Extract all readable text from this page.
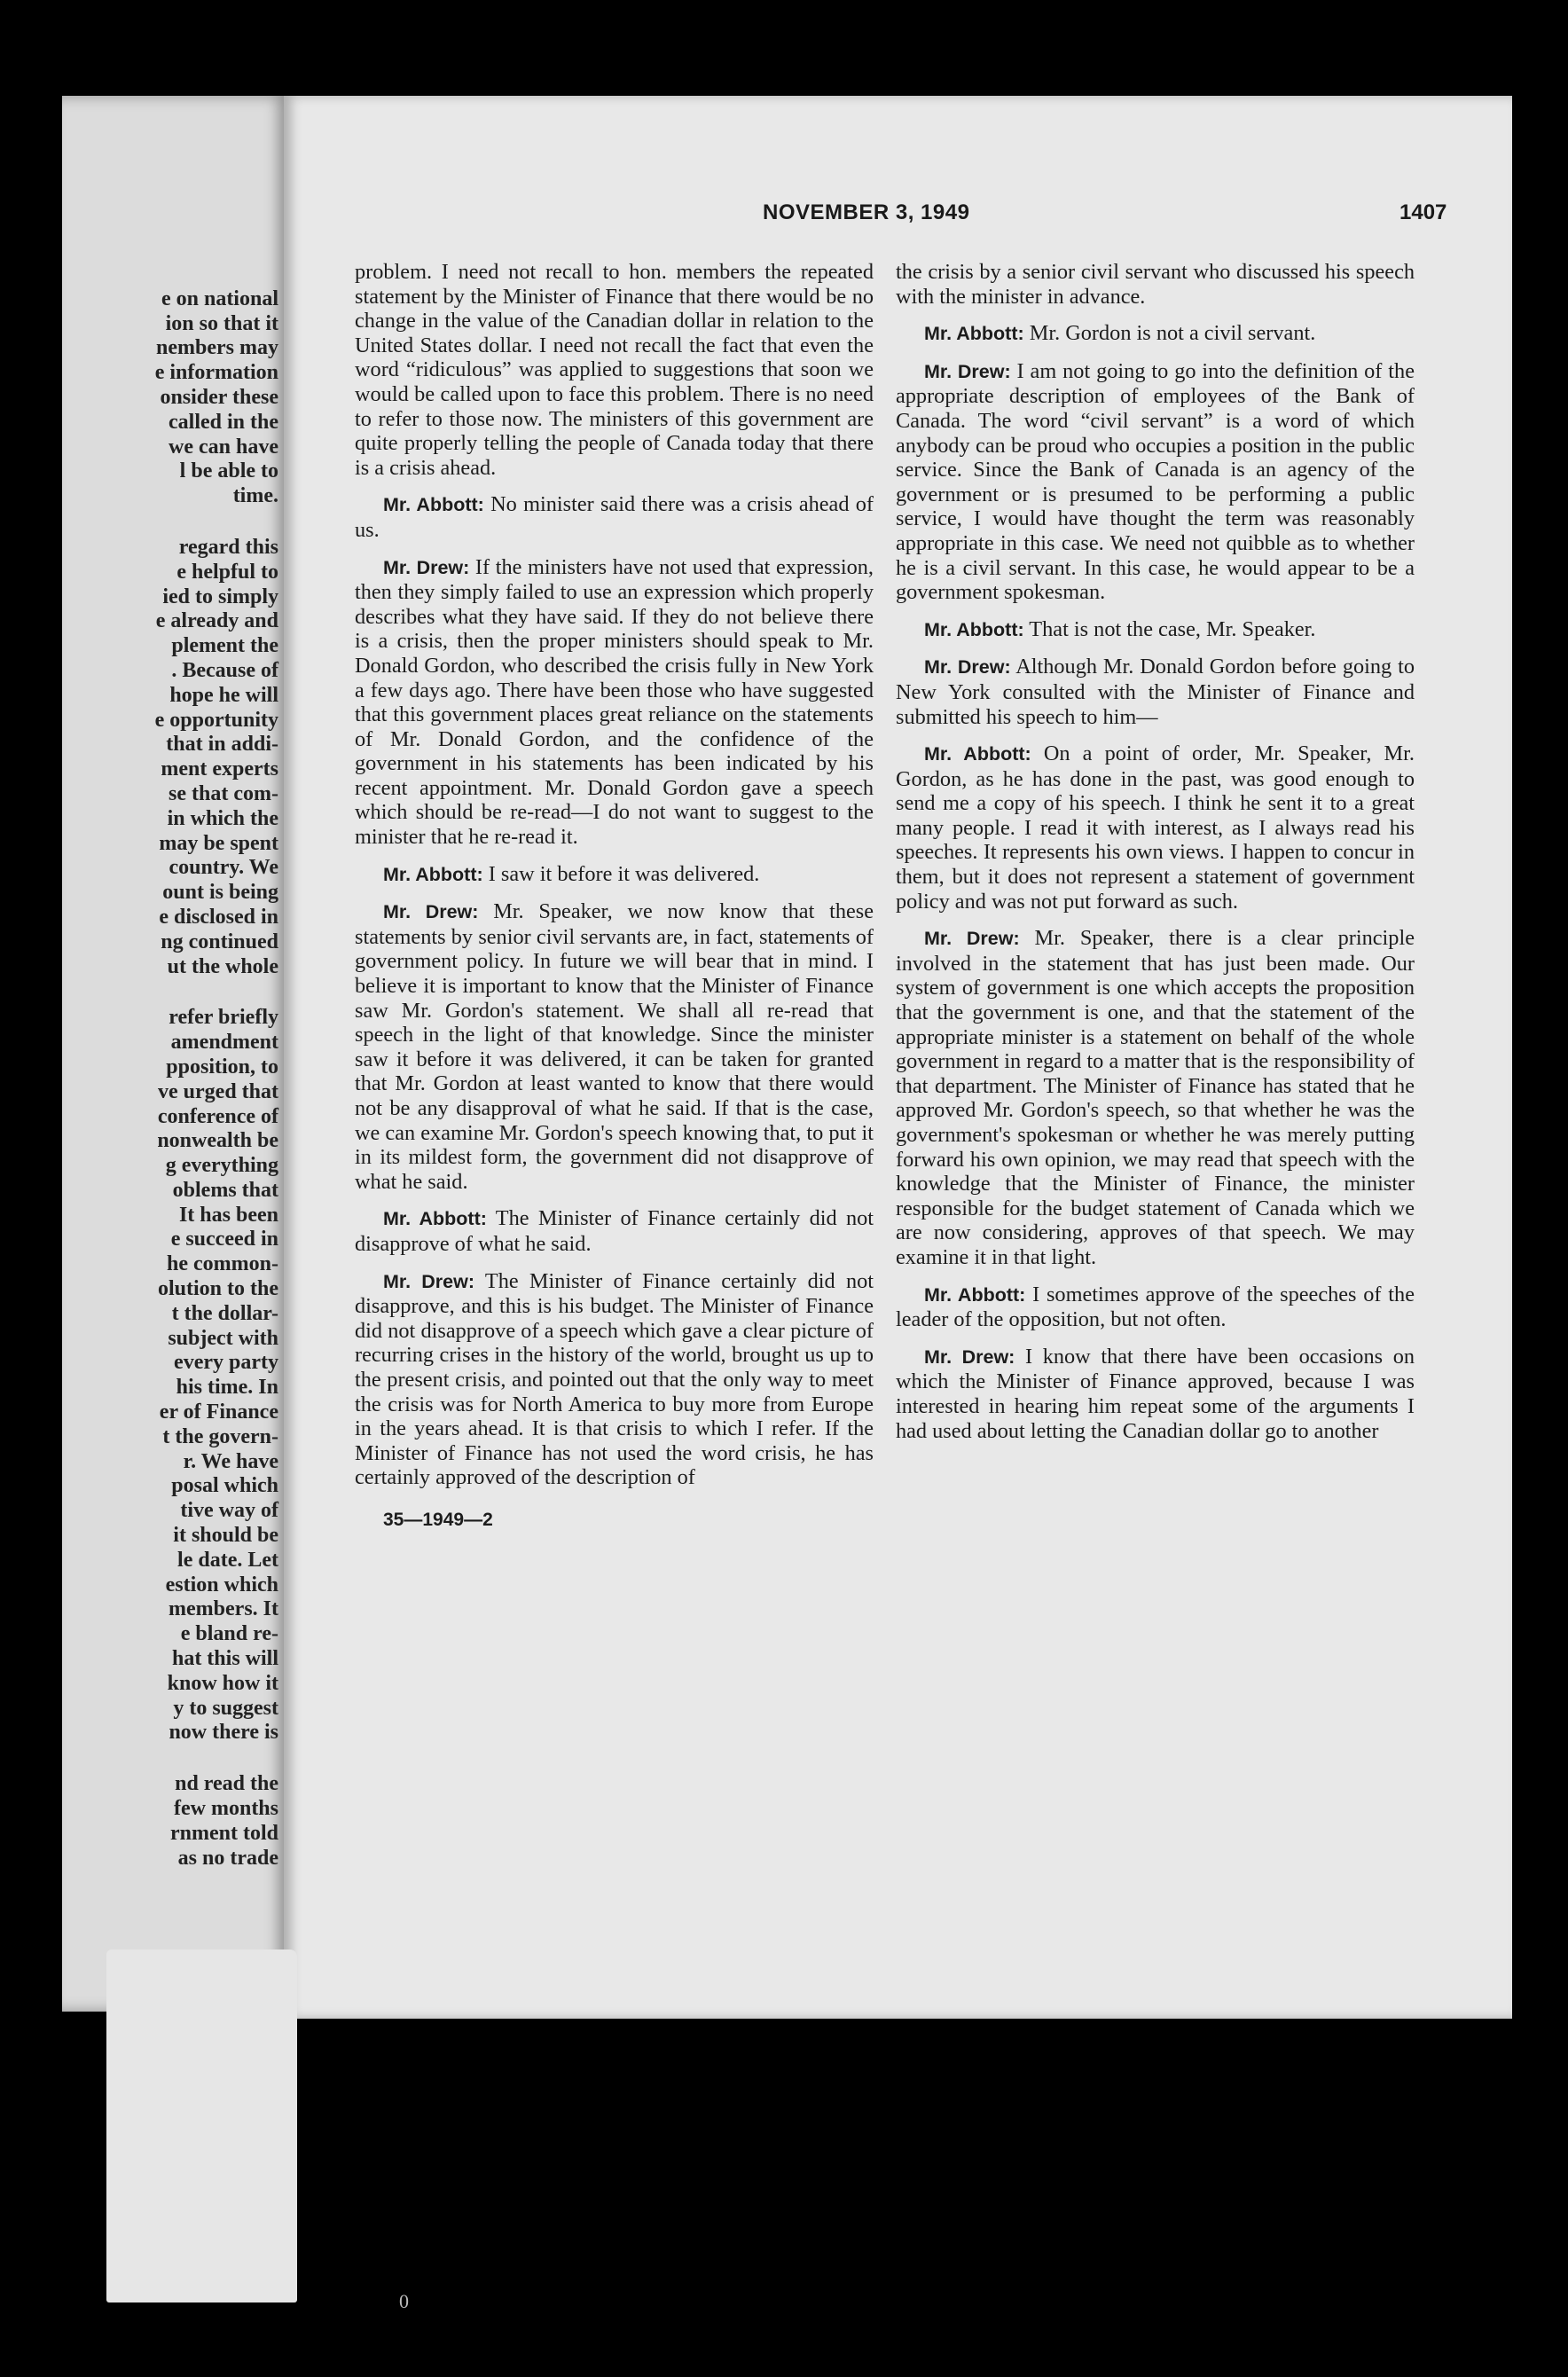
e on national
ion so that it
nembers may
e information
onsider these
called in the
we can have
l be able to
time.
regard this
e helpful to
ied to simply
e already and
plement the
. Because of
hope he will
e opportunity
that in addi-
ment experts
se that com-
in which the
may be spent
country. We
ount is being
e disclosed in
ng continued
ut the whole
refer briefly
amendment
pposition, to
ve urged that
conference of
nonwealth be
g everything
oblems that
It has been
e succeed in
he common-
olution to the
t the dollar-
subject with
every party
his time. In
er of Finance
t the govern-
r. We have
posal which
tive way of
it should be
le date. Let
estion which
members. It
e bland re-
hat this will
know how it
y to suggest
now there is
nd read the
few months
rnment told
as no trade

NOVEMBER 3, 1949	1407

problem. I need not recall to hon. members the repeated statement by the Minister of Finance that there would be no change in the value of the Canadian dollar in relation to the United States dollar. I need not recall the fact that even the word “ridiculous” was applied to suggestions that soon we would be called upon to face this problem. There is no need to refer to those now. The ministers of this government are quite properly telling the people of Canada today that there is a crisis ahead.

Mr. Abbott: No minister said there was a crisis ahead of us.

Mr. Drew: If the ministers have not used that expression, then they simply failed to use an expression which properly describes what they have said. If they do not believe there is a crisis, then the proper ministers should speak to Mr. Donald Gordon, who described the crisis fully in New York a few days ago. There have been those who have suggested that this government places great reliance on the statements of Mr. Donald Gordon, and the confidence of the government in his statements has been indicated by his recent appointment. Mr. Donald Gordon gave a speech which should be re-read—I do not want to suggest to the minister that he re-read it.

Mr. Abbott: I saw it before it was delivered.

Mr. Drew: Mr. Speaker, we now know that these statements by senior civil servants are, in fact, statements of government policy. In future we will bear that in mind. I believe it is important to know that the Minister of Finance saw Mr. Gordon's statement. We shall all re-read that speech in the light of that knowledge. Since the minister saw it before it was delivered, it can be taken for granted that Mr. Gordon at least wanted to know that there would not be any disapproval of what he said. If that is the case, we can examine Mr. Gordon's speech knowing that, to put it in its mildest form, the government did not disapprove of what he said.

Mr. Abbott: The Minister of Finance certainly did not disapprove of what he said.

Mr. Drew: The Minister of Finance certainly did not disapprove, and this is his budget. The Minister of Finance did not disapprove of a speech which gave a clear picture of recurring crises in the history of the world, brought us up to the present crisis, and pointed out that the only way to meet the crisis was for North America to buy more from Europe in the years ahead. It is that crisis to which I refer. If the Minister of Finance has not used the word crisis, he has certainly approved of the description of

35—1949—2

the crisis by a senior civil servant who discussed his speech with the minister in advance.

Mr. Abbott: Mr. Gordon is not a civil servant.

Mr. Drew: I am not going to go into the definition of the appropriate description of employees of the Bank of Canada. The word “civil servant” is a word of which anybody can be proud who occupies a position in the public service. Since the Bank of Canada is an agency of the government or is presumed to be performing a public service, I would have thought the term was reasonably appropriate in this case. We need not quibble as to whether he is a civil servant. In this case, he would appear to be a government spokesman.

Mr. Abbott: That is not the case, Mr. Speaker.

Mr. Drew: Although Mr. Donald Gordon before going to New York consulted with the Minister of Finance and submitted his speech to him—

Mr. Abbott: On a point of order, Mr. Speaker, Mr. Gordon, as he has done in the past, was good enough to send me a copy of his speech. I think he sent it to a great many people. I read it with interest, as I always read his speeches. It represents his own views. I happen to concur in them, but it does not represent a statement of government policy and was not put forward as such.

Mr. Drew: Mr. Speaker, there is a clear principle involved in the statement that has just been made. Our system of government is one which accepts the proposition that the government is one, and that the statement of the appropriate minister is a statement on behalf of the whole government in regard to a matter that is the responsibility of that department. The Minister of Finance has stated that he approved Mr. Gordon's speech, so that whether he was the government's spokesman or whether he was merely putting forward his own opinion, we may read that speech with the knowledge that the Minister of Finance, the minister responsible for the budget statement of Canada which we are now considering, approves of that speech. We may examine it in that light.

Mr. Abbott: I sometimes approve of the speeches of the leader of the opposition, but not often.

Mr. Drew: I know that there have been occasions on which the Minister of Finance approved, because I was interested in hearing him repeat some of the arguments I had used about letting the Canadian dollar go to another

0
